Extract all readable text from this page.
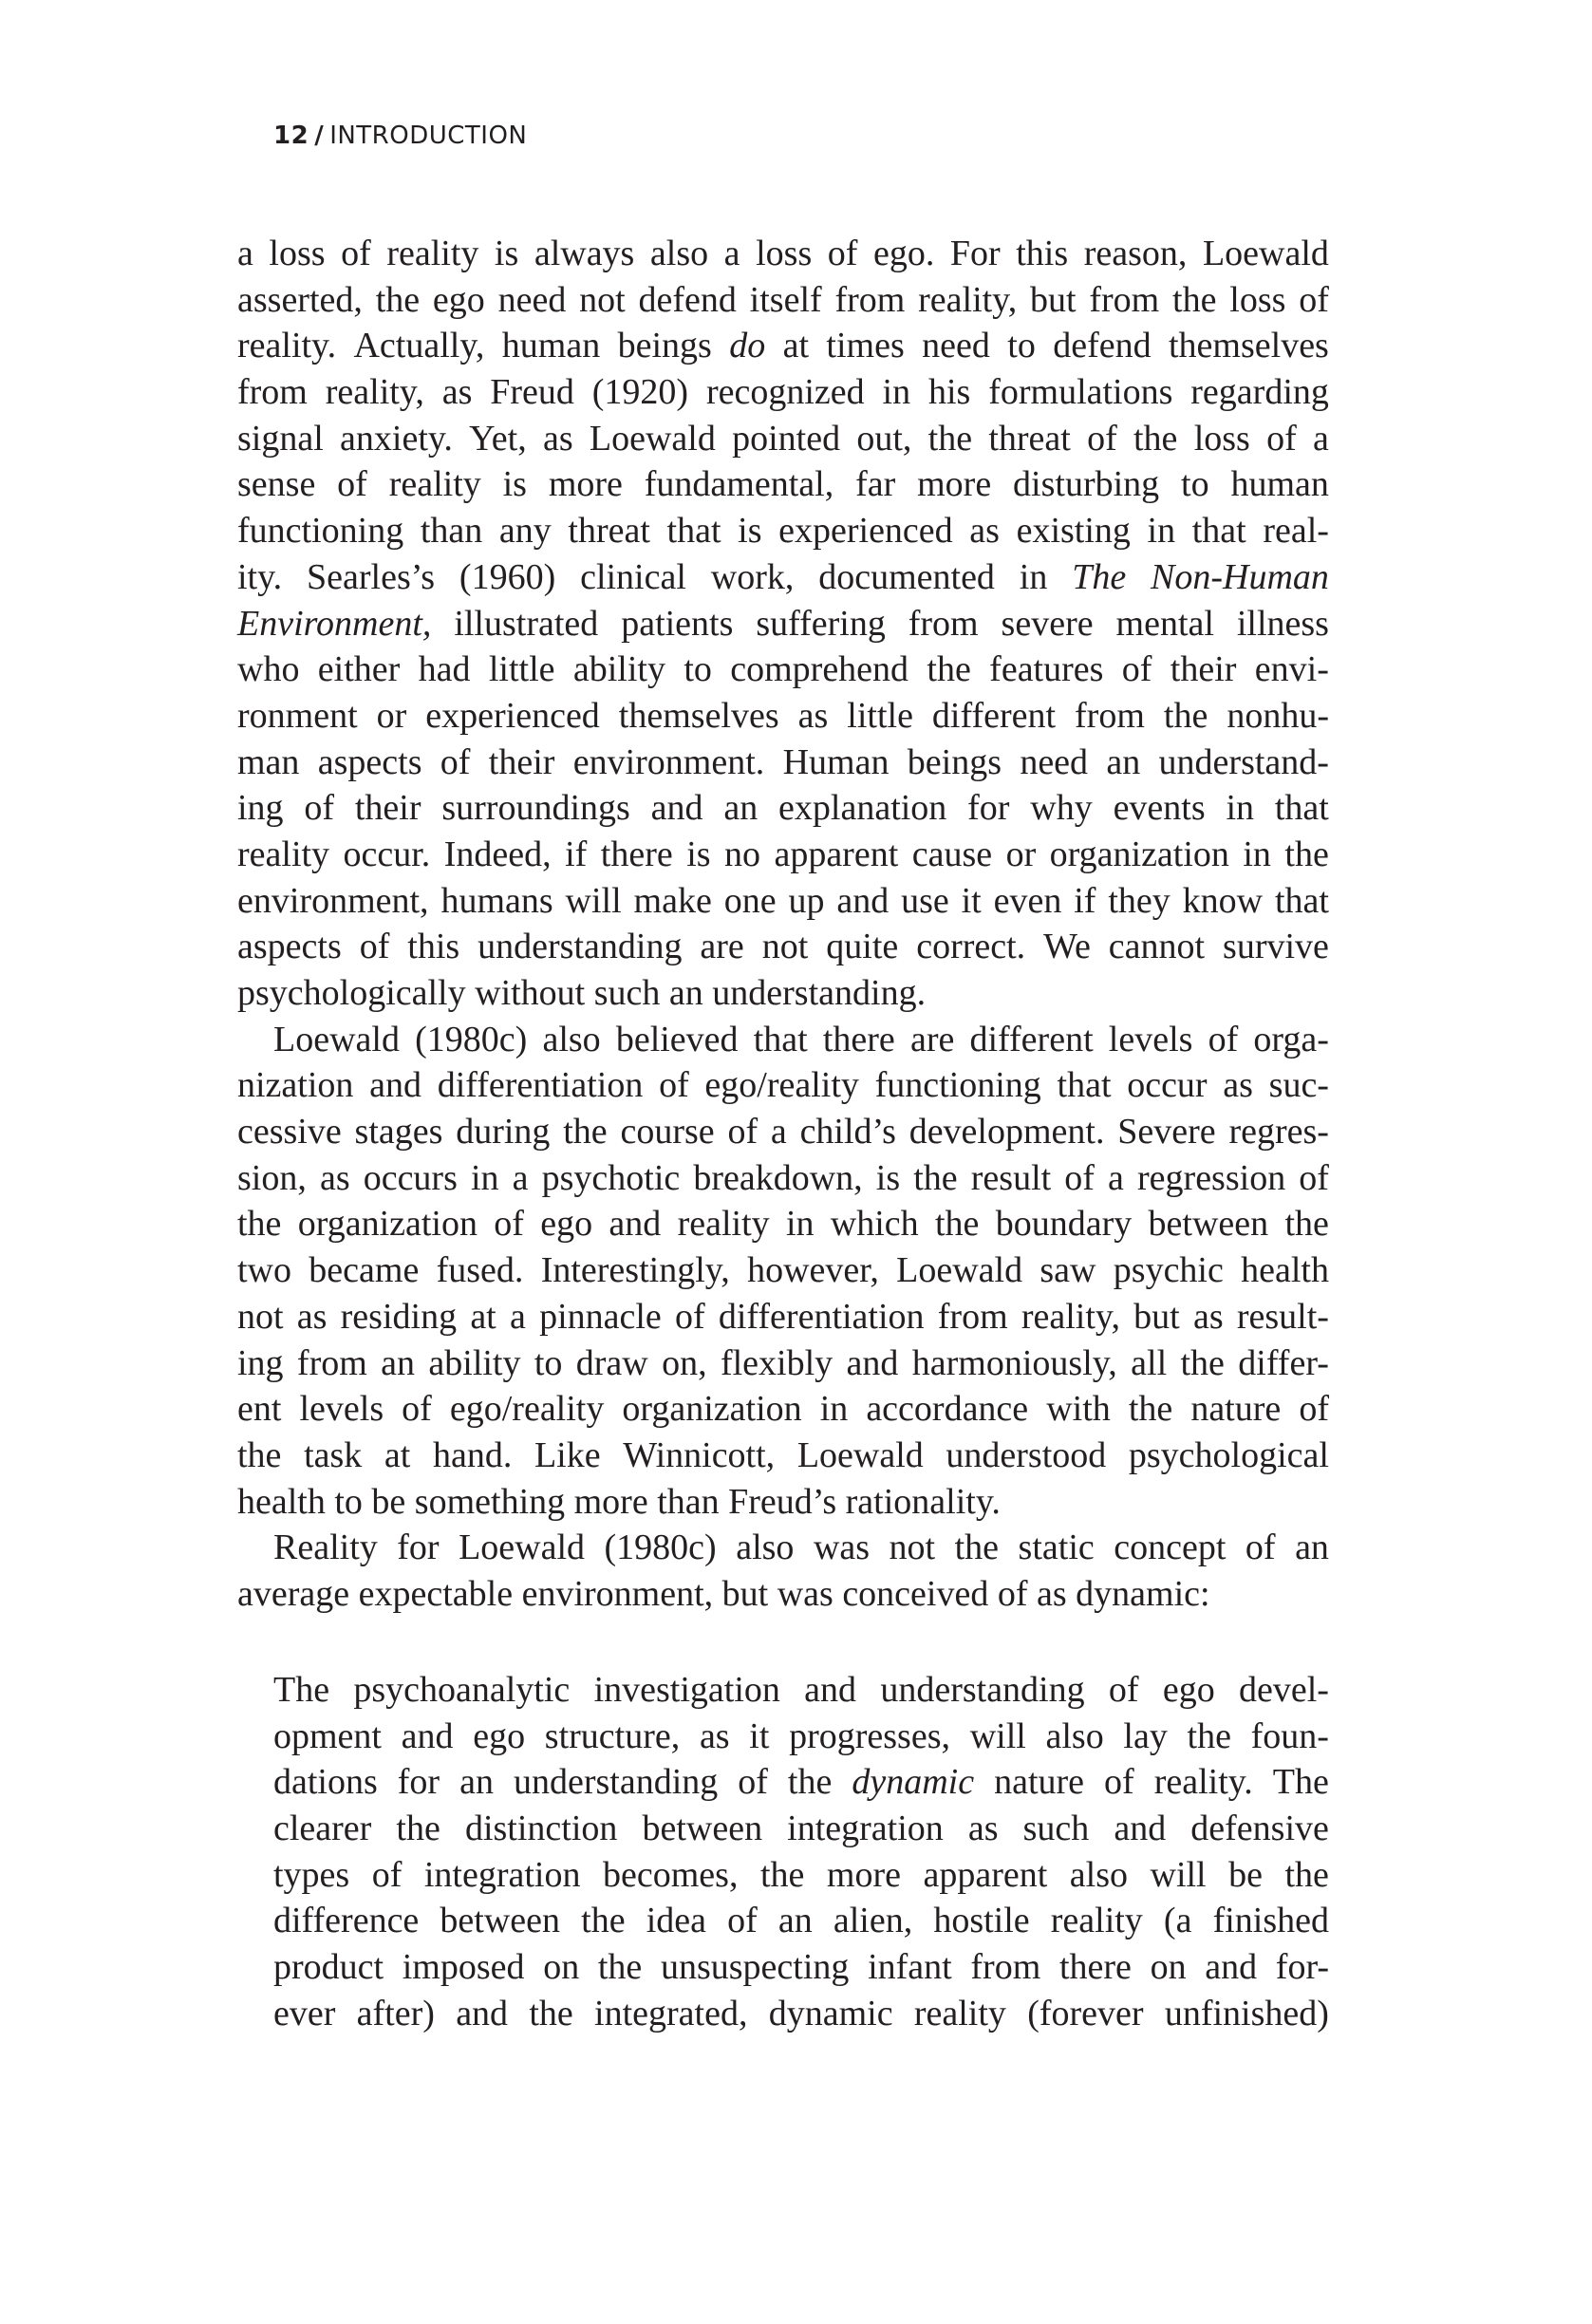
12 / INTRODUCTION
a loss of reality is always also a loss of ego. For this reason, Loewald
asserted, the ego need not defend itself from reality, but from the loss of
reality. Actually, human beings do at times need to defend themselves
from reality, as Freud (1920) recognized in his formulations regarding
signal anxiety. Yet, as Loewald pointed out, the threat of the loss of a
sense of reality is more fundamental, far more disturbing to human
functioning than any threat that is experienced as existing in that real-
ity. Searles’s (1960) clinical work, documented in The Non-Human
Environment, illustrated patients suffering from severe mental illness
who either had little ability to comprehend the features of their envi-
ronment or experienced themselves as little different from the nonhu-
man aspects of their environment. Human beings need an understand-
ing of their surroundings and an explanation for why events in that
reality occur. Indeed, if there is no apparent cause or organization in the
environment, humans will make one up and use it even if they know that
aspects of this understanding are not quite correct. We cannot survive
psychologically without such an understanding.
Loewald (1980c) also believed that there are different levels of orga-
nization and differentiation of ego/reality functioning that occur as suc-
cessive stages during the course of a child’s development. Severe regres-
sion, as occurs in a psychotic breakdown, is the result of a regression of
the organization of ego and reality in which the boundary between the
two became fused. Interestingly, however, Loewald saw psychic health
not as residing at a pinnacle of differentiation from reality, but as result-
ing from an ability to draw on, flexibly and harmoniously, all the differ-
ent levels of ego/reality organization in accordance with the nature of
the task at hand. Like Winnicott, Loewald understood psychological
health to be something more than Freud’s rationality.
Reality for Loewald (1980c) also was not the static concept of an
average expectable environment, but was conceived of as dynamic:
The psychoanalytic investigation and understanding of ego devel-
opment and ego structure, as it progresses, will also lay the foun-
dations for an understanding of the dynamic nature of reality. The
clearer the distinction between integration as such and defensive
types of integration becomes, the more apparent also will be the
difference between the idea of an alien, hostile reality (a finished
product imposed on the unsuspecting infant from there on and for-
ever after) and the integrated, dynamic reality (forever unfinished)
